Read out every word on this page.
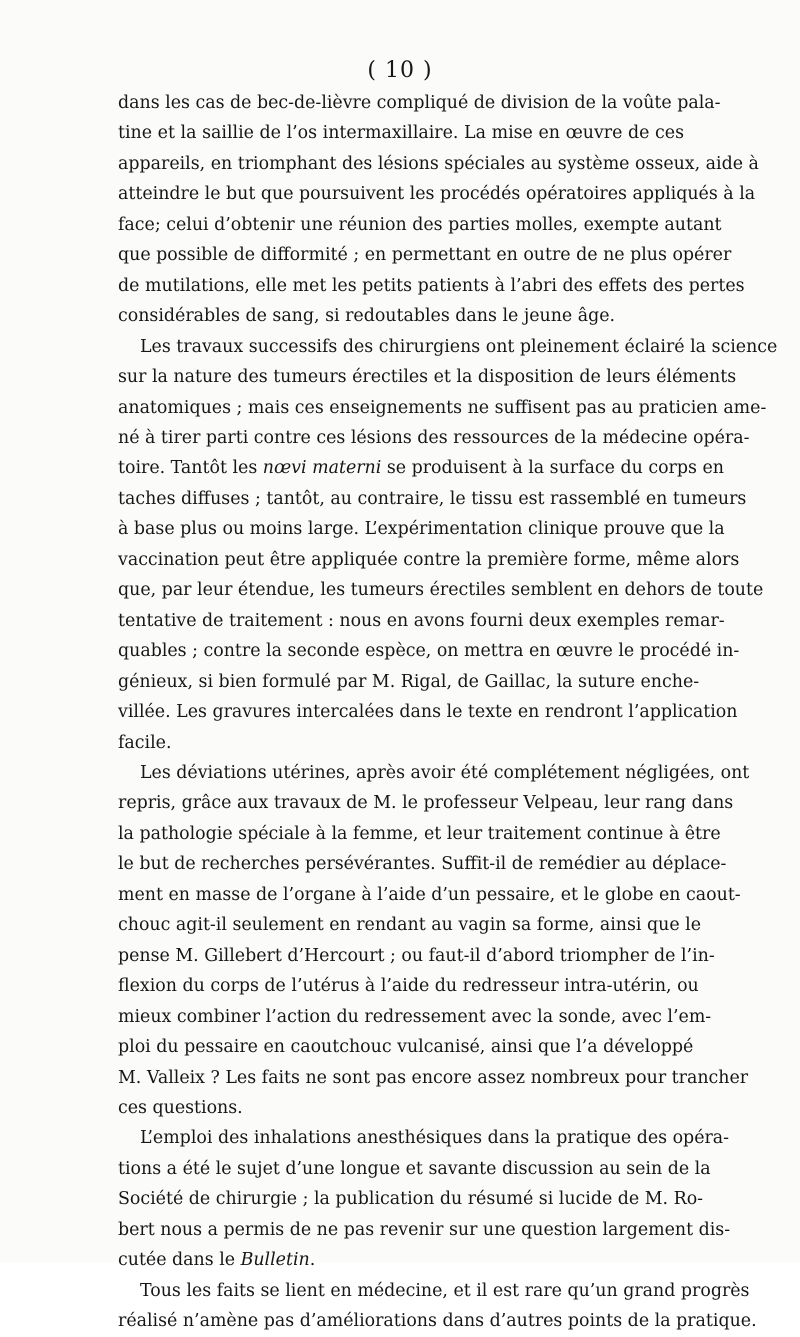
( 10 )
dans les cas de bec-de-lièvre compliqué de division de la voûte pala-
tine et la saillie de l’os intermaxillaire. La mise en œuvre de ces
appareils, en triomphant des lésions spéciales au système osseux, aide à
atteindre le but que poursuivent les procédés opératoires appliqués à la
face; celui d’obtenir une réunion des parties molles, exempte autant
que possible de difformité ; en permettant en outre de ne plus opérer
de mutilations, elle met les petits patients à l’abri des effets des pertes
considérables de sang, si redoutables dans le jeune âge.
Les travaux successifs des chirurgiens ont pleinement éclairé la science
sur la nature des tumeurs érectiles et la disposition de leurs éléments
anatomiques ; mais ces enseignements ne suffisent pas au praticien ame-
né à tirer parti contre ces lésions des ressources de la médecine opéra-
toire. Tantôt les nœvi materni se produisent à la surface du corps en
taches diffuses ; tantôt, au contraire, le tissu est rassemblé en tumeurs
à base plus ou moins large. L’expérimentation clinique prouve que la
vaccination peut être appliquée contre la première forme, même alors
que, par leur étendue, les tumeurs érectiles semblent en dehors de toute
tentative de traitement : nous en avons fourni deux exemples remar-
quables ; contre la seconde espèce, on mettra en œuvre le procédé in-
génieux, si bien formulé par M. Rigal, de Gaillac, la suture enche-
villée. Les gravures intercalées dans le texte en rendront l’application
facile.
Les déviations utérines, après avoir été complétement négligées, ont
repris, grâce aux travaux de M. le professeur Velpeau, leur rang dans
la pathologie spéciale à la femme, et leur traitement continue à être
le but de recherches persévérantes. Suffit-il de remédier au déplace-
ment en masse de l’organe à l’aide d’un pessaire, et le globe en caout-
chouc agit-il seulement en rendant au vagin sa forme, ainsi que le
pense M. Gillebert d’Hercourt ; ou faut-il d’abord triompher de l’in-
flexion du corps de l’utérus à l’aide du redresseur intra-utérin, ou
mieux combiner l’action du redressement avec la sonde, avec l’em-
ploi du pessaire en caoutchouc vulcanisé, ainsi que l’a développé
M. Valleix ? Les faits ne sont pas encore assez nombreux pour trancher
ces questions.
L’emploi des inhalations anesthésiques dans la pratique des opéra-
tions a été le sujet d’une longue et savante discussion au sein de la
Société de chirurgie ; la publication du résumé si lucide de M. Ro-
bert nous a permis de ne pas revenir sur une question largement dis-
cutée dans le Bulletin.
Tous les faits se lient en médecine, et il est rare qu’un grand progrès
réalisé n’amène pas d’améliorations dans d’autres points de la pratique.
